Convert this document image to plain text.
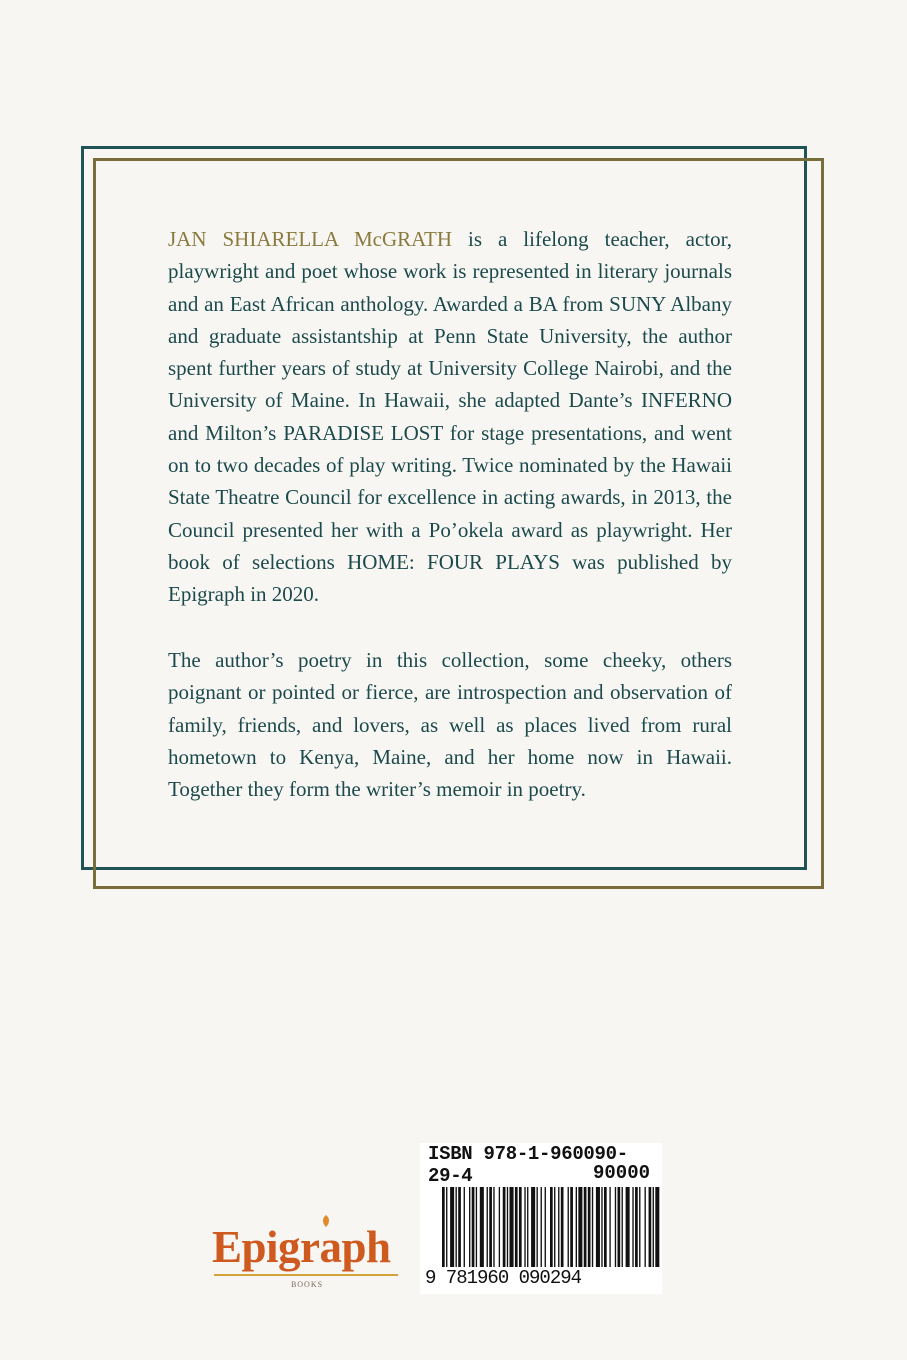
JAN SHIARELLA McGRATH is a lifelong teacher, actor, playwright and poet whose work is represented in literary journals and an East African anthology. Awarded a BA from SUNY Albany and graduate assistantship at Penn State University, the author spent further years of study at University College Nairobi, and the University of Maine. In Hawaii, she adapted Dante’s INFERNO and Milton’s PARADISE LOST for stage presentations, and went on to two decades of play writing. Twice nominated by the Hawaii State Theatre Council for excellence in acting awards, in 2013, the Council presented her with a Po’okela award as playwright. Her book of selections HOME: FOUR PLAYS was published by Epigraph in 2020.

The author’s poetry in this collection, some cheeky, others poignant or pointed or fierce, are introspection and observation of family, friends, and lovers, as well as places lived from rural hometown to Kenya, Maine, and her home now in Hawaii. Together they form the writer’s memoir in poetry.

Epigraph
BOOKS
ISBN 978-1-960090-29-4	90000
9 781960 090294
